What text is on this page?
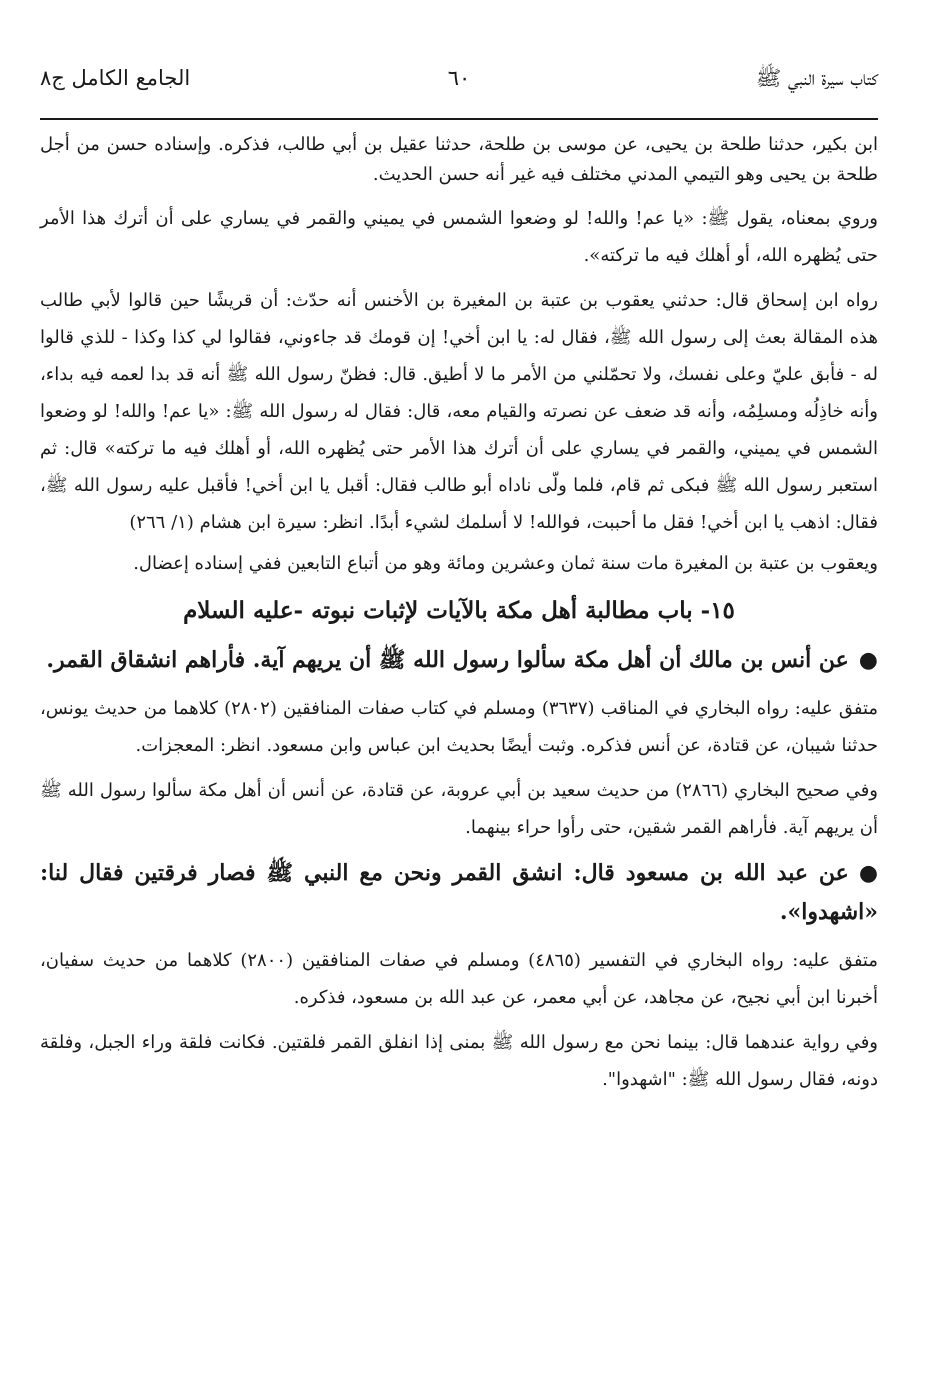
كتاب سيرة النبي ﷺ
٦٠
الجامع الكامل ج٨

ابن بكير، حدثنا طلحة بن يحيى، عن موسى بن طلحة، حدثنا عقيل بن أبي طالب، فذكره. وإسناده حسن من أجل طلحة بن يحيى وهو التيمي المدني مختلف فيه غير أنه حسن الحديث.

وروي بمعناه، يقول ﷺ: «يا عم! والله! لو وضعوا الشمس في يميني والقمر في يساري على أن أترك هذا الأمر حتى يُظهره الله، أو أهلك فيه ما تركته».

رواه ابن إسحاق قال: حدثني يعقوب بن عتبة بن المغيرة بن الأخنس أنه حدّث: أن قريشًا حين قالوا لأبي طالب هذه المقالة بعث إلى رسول الله ﷺ، فقال له: يا ابن أخي! إن قومك قد جاءوني، فقالوا لي كذا وكذا - للذي قالوا له - فأبق عليّ وعلى نفسك، ولا تحمّلني من الأمر ما لا أطيق. قال: فظنّ رسول الله ﷺ أنه قد بدا لعمه فيه بداء، وأنه خاذِلُه ومسلِمُه، وأنه قد ضعف عن نصرته والقيام معه، قال: فقال له رسول الله ﷺ: «يا عم! والله! لو وضعوا الشمس في يميني، والقمر في يساري على أن أترك هذا الأمر حتى يُظهره الله، أو أهلك فيه ما تركته» قال: ثم استعبر رسول الله ﷺ فبكى ثم قام، فلما ولّى ناداه أبو طالب فقال: أقبل يا ابن أخي! فأقبل عليه رسول الله ﷺ، فقال: اذهب يا ابن أخي! فقل ما أحببت، فوالله! لا أسلمك لشيء أبدًا. انظر: سيرة ابن هشام (١/ ٢٦٦)

ويعقوب بن عتبة بن المغيرة مات سنة ثمان وعشرين ومائة وهو من أتباع التابعين ففي إسناده إعضال.

١٥- باب مطالبة أهل مكة بالآيات لإثبات نبوته -عليه السلام

●عن أنس بن مالك أن أهل مكة سألوا رسول الله ﷺ أن يريهم آية. فأراهم انشقاق القمر.

متفق عليه: رواه البخاري في المناقب (٣٦٣٧) ومسلم في كتاب صفات المنافقين (٢٨٠٢) كلاهما من حديث يونس، حدثنا شيبان، عن قتادة، عن أنس فذكره. وثبت أيضًا بحديث ابن عباس وابن مسعود. انظر: المعجزات.

وفي صحيح البخاري (٢٨٦٦) من حديث سعيد بن أبي عروبة، عن قتادة، عن أنس أن أهل مكة سألوا رسول الله ﷺ أن يريهم آية. فأراهم القمر شقين، حتى رأوا حراء بينهما.

●عن عبد الله بن مسعود قال: انشق القمر ونحن مع النبي ﷺ فصار فرقتين فقال لنا: «اشهدوا».

متفق عليه: رواه البخاري في التفسير (٤٨٦٥) ومسلم في صفات المنافقين (٢٨٠٠) كلاهما من حديث سفيان، أخبرنا ابن أبي نجيح، عن مجاهد، عن أبي معمر، عن عبد الله بن مسعود، فذكره.

وفي رواية عندهما قال: بينما نحن مع رسول الله ﷺ بمنى إذا انفلق القمر فلقتين. فكانت فلقة وراء الجبل، وفلقة دونه، فقال رسول الله ﷺ: "اشهدوا".
